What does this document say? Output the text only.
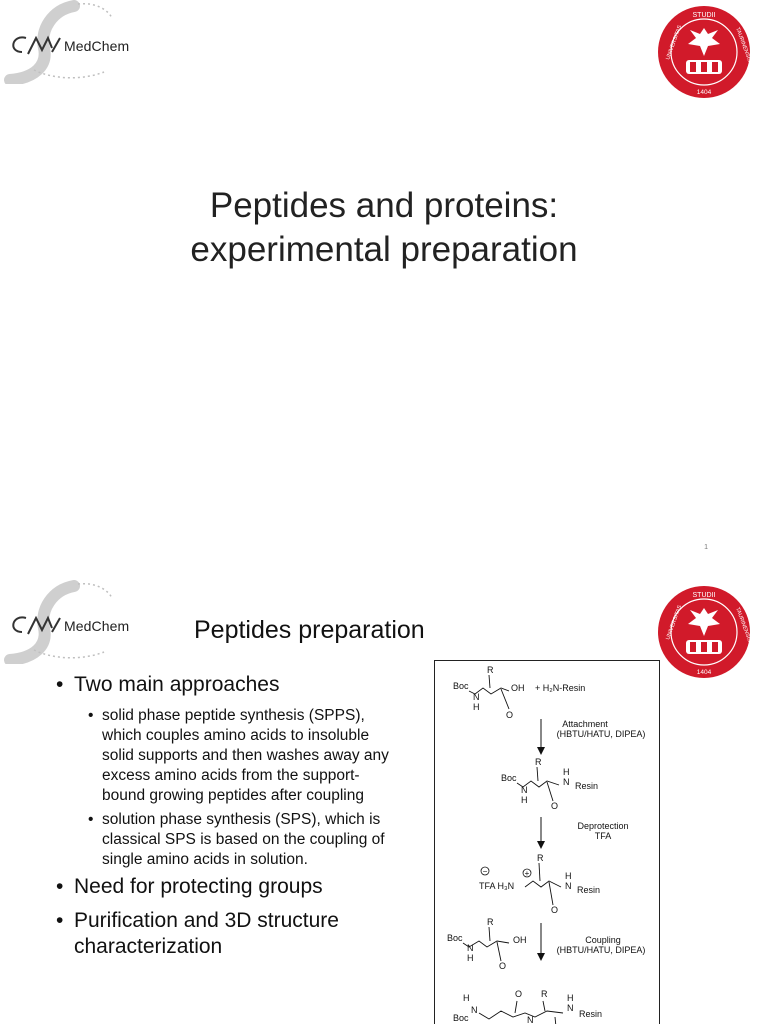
MedChem
STUDII
UNIVERSITAS	TAURINENSIS
1404
Peptides and proteins:
experimental preparation
1
MedChem
STUDII
UNIVERSITAS	TAURINENSIS
1404
Peptides preparation
• Two main approaches
• solid phase peptide synthesis (SPPS), which couples amino acids to insoluble solid supports and then washes away any excess amino acids from the support-bound growing peptides after coupling
• solution phase synthesis (SPS), which is classical SPS is based on the coupling of single amino acids in solution.
• Need for protecting groups
• Purification and 3D structure characterization
R
Boc
N
H
OH
O
+ H₂N-Resin
Attachment
(HBTU/HATU, DIPEA)
R
Boc
N
H
H
N Resin
O
Deprotection
TFA
R
−	+
TFA H₃N
H
N Resin
O
R
Boc
N
H
OH
O
Coupling
(HBTU/HATU, DIPEA)
H	O R H
Boc
N
N
N
Resin
